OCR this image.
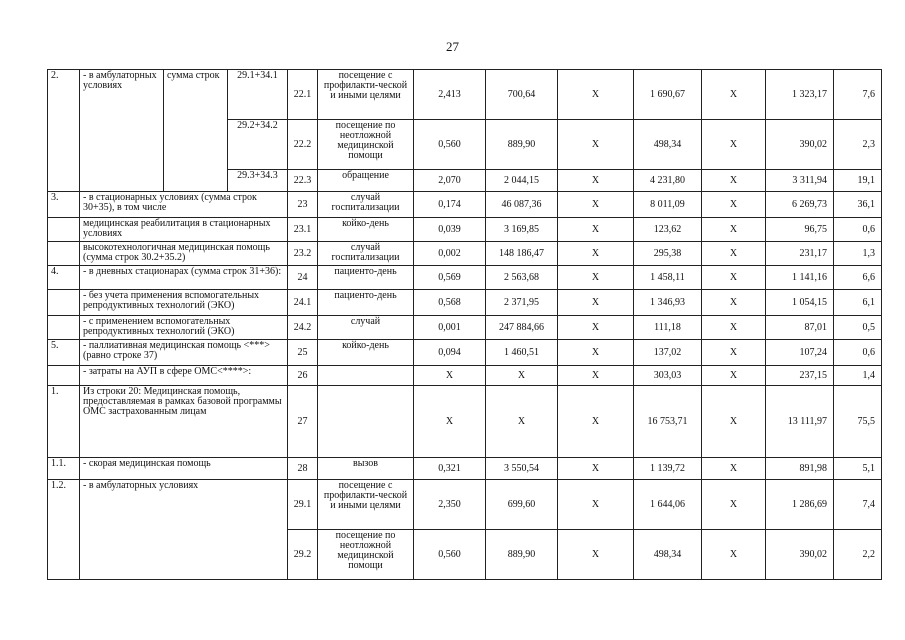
27
2.	- в амбулаторных условиях	сумма строк	29.1+34.1	22.1	посещение с профилакти-ческой и иными целями	2,413	700,64	Х	1 690,67	Х	1 323,17	7,6
			29.2+34.2	22.2	посещение по неотложной медицинской помощи	0,560	889,90	Х	498,34	Х	390,02	2,3
			29.3+34.3	22.3	обращение	2,070	2 044,15	Х	4 231,80	Х	3 311,94	19,1
3.	- в стационарных условиях (сумма строк 30+35), в том числе			23	случай госпитализации	0,174	46 087,36	Х	8 011,09	Х	6 269,73	36,1
	медицинская реабилитация в стационарных условиях			23.1	койко-день	0,039	3 169,85	Х	123,62	Х	96,75	0,6
	высокотехнологичная медицинская помощь (сумма строк 30.2+35.2)			23.2	случай госпитализации	0,002	148 186,47	Х	295,38	Х	231,17	1,3
4.	- в дневных стационарах (сумма строк 31+36):			24	пациенто-день	0,569	2 563,68	Х	1 458,11	Х	1 141,16	6,6
	- без учета применения вспомогательных репродуктивных технологий (ЭКО)			24.1	пациенто-день	0,568	2 371,95	Х	1 346,93	Х	1 054,15	6,1
	- с применением вспомогательных репродуктивных технологий (ЭКО)			24.2	случай	0,001	247 884,66	Х	111,18	Х	87,01	0,5
5.	- паллиативная медицинская помощь <***> (равно строке 37)			25	койко-день	0,094	1 460,51	Х	137,02	Х	107,24	0,6
	- затраты на АУП в сфере ОМС<****>:			26		Х	Х	Х	303,03	Х	237,15	1,4
1.	Из строки 20: Медицинская помощь, предоставляемая в рамках базовой программы ОМС застрахованным лицам			27		Х	Х	Х	16 753,71	Х	13 111,97	75,5
1.1.	- скорая медицинская помощь			28	вызов	0,321	3 550,54	Х	1 139,72	Х	891,98	5,1
1.2.	- в амбулаторных условиях			29.1	посещение с профилакти-ческой и иными целями	2,350	699,60	Х	1 644,06	Х	1 286,69	7,4
				29.2	посещение по неотложной медицинской помощи	0,560	889,90	Х	498,34	Х	390,02	2,2
